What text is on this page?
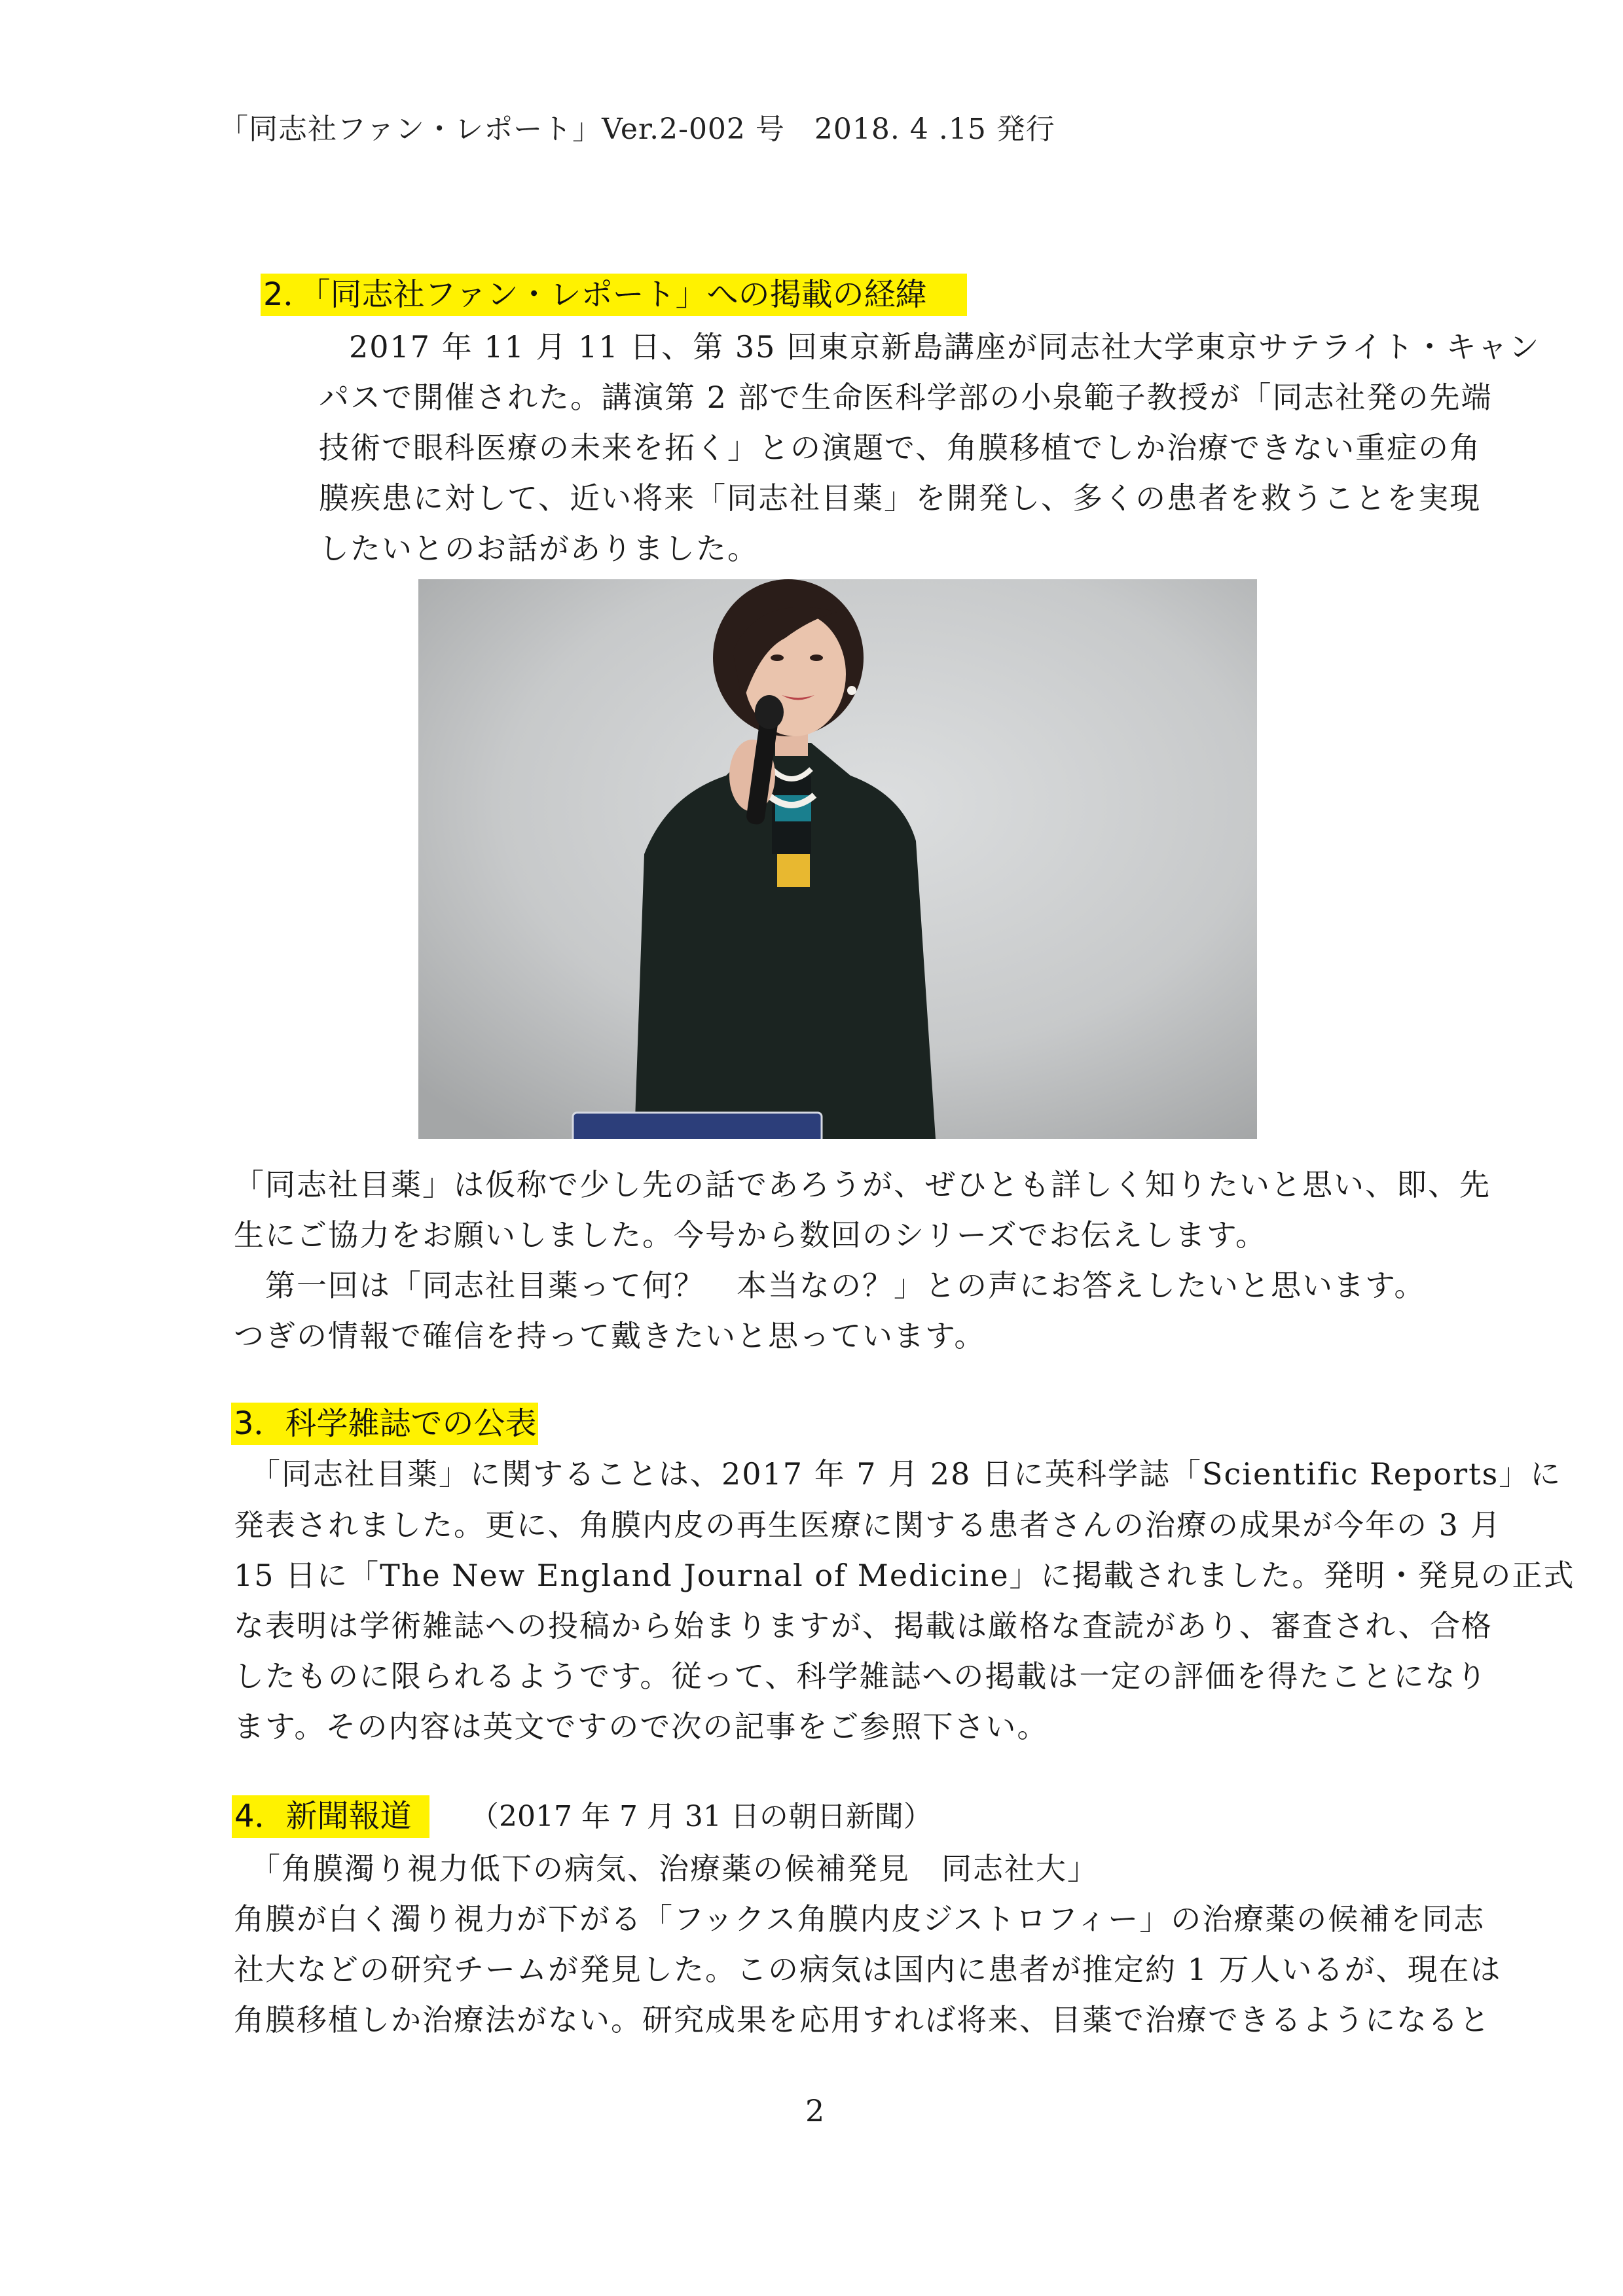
「同志社ファン・レポート」Ver.2-002 号　2018. 4 .15 発行
2．「同志社ファン・レポート」への掲載の経緯
2017 年 11 月 11 日、第 35 回東京新島講座が同志社大学東京サテライト・キャン
パスで開催された。講演第 2 部で生命医科学部の小泉範子教授が「同志社発の先端
技術で眼科医療の未来を拓く」との演題で、角膜移植でしか治療できない重症の角
膜疾患に対して、近い将来「同志社目薬」を開発し、多くの患者を救うことを実現
したいとのお話がありました。
「同志社目薬」は仮称で少し先の話であろうが、ぜひとも詳しく知りたいと思い、即、先
生にご協力をお願いしました。今号から数回のシリーズでお伝えします。
　第一回は「同志社目薬って何？　本当なの？」との声にお答えしたいと思います。
つぎの情報で確信を持って戴きたいと思っています。
3．科学雑誌での公表
　「同志社目薬」に関することは、2017 年 7 月 28 日に英科学誌「Scientific Reports」に
発表されました。更に、角膜内皮の再生医療に関する患者さんの治療の成果が今年の 3 月
15 日に「The New England Journal of Medicine」に掲載されました。発明・発見の正式
な表明は学術雑誌への投稿から始まりますが、掲載は厳格な査読があり、審査され、合格
したものに限られるようです。従って、科学雑誌への掲載は一定の評価を得たことになり
ます。その内容は英文ですので次の記事をご参照下さい。
4．新聞報道	（2017 年 7 月 31 日の朝日新聞）
　「角膜濁り視力低下の病気、治療薬の候補発見　同志社大」
角膜が白く濁り視力が下がる「フックス角膜内皮ジストロフィー」の治療薬の候補を同志
社大などの研究チームが発見した。この病気は国内に患者が推定約 1 万人いるが、現在は
角膜移植しか治療法がない。研究成果を応用すれば将来、目薬で治療できるようになると
2
